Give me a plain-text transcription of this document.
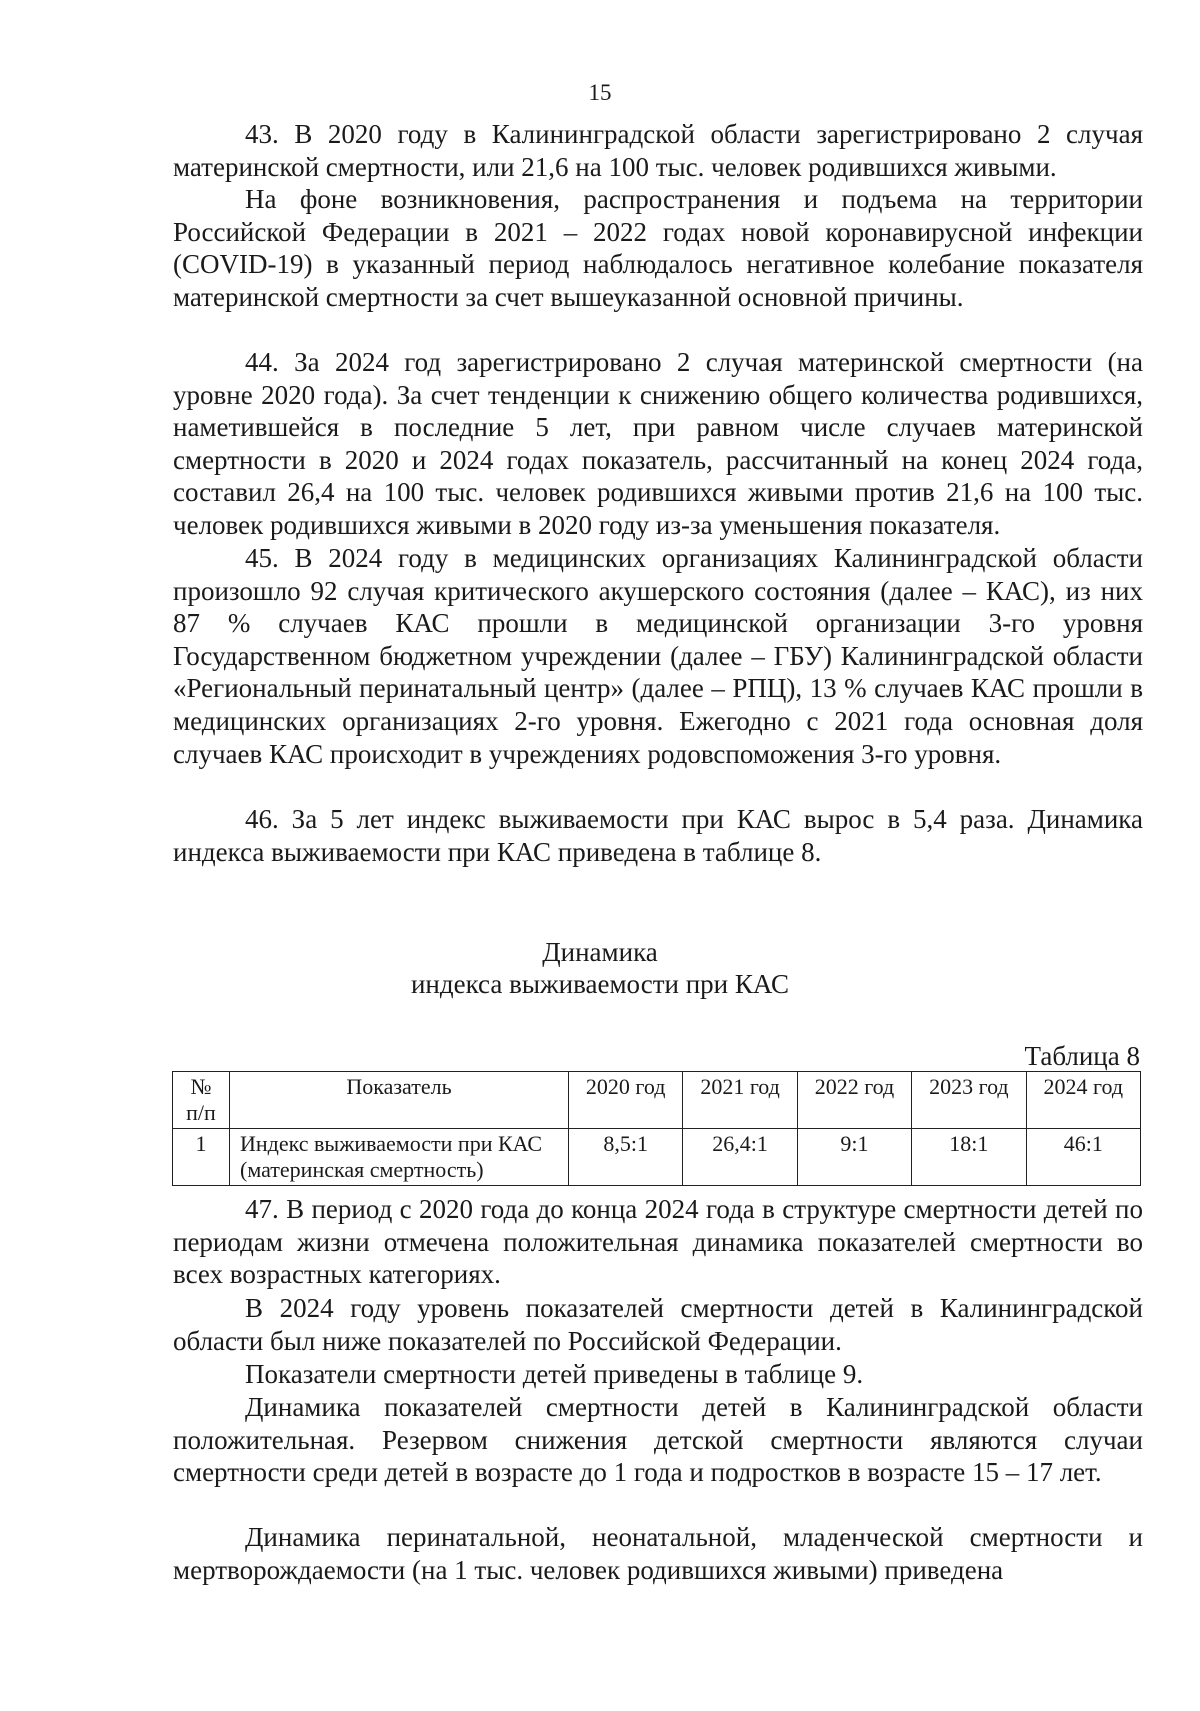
15

43. В 2020 году в Калининградской области зарегистрировано 2 случая материнской смертности, или 21,6 на 100 тыс. человек родившихся живыми.

На фоне возникновения, распространения и подъема на территории Российской Федерации в 2021 – 2022 годах новой коронавирусной инфекции (COVID-19) в указанный период наблюдалось негативное колебание показателя материнской смертности за счет вышеуказанной основной причины.

44. За 2024 год зарегистрировано 2 случая материнской смертности (на уровне 2020 года). За счет тенденции к снижению общего количества родившихся, наметившейся в последние 5 лет, при равном числе случаев материнской смертности в 2020 и 2024 годах показатель, рассчитанный на конец 2024 года, составил 26,4 на 100 тыс. человек родившихся живыми против 21,6 на 100 тыс. человек родившихся живыми в 2020 году из-за уменьшения показателя.

45. В 2024 году в медицинских организациях Калининградской области произошло 92 случая критического акушерского состояния (далее – КАС), из них 87 % случаев КАС прошли в медицинской организации 3-го уровня Государственном бюджетном учреждении (далее – ГБУ) Калининградской области «Региональный перинатальный центр» (далее – РПЦ), 13 % случаев КАС прошли в медицинских организациях 2-го уровня. Ежегодно с 2021 года основная доля случаев КАС происходит в учреждениях родовспоможения 3-го уровня.

46. За 5 лет индекс выживаемости при КАС вырос в 5,4 раза. Динамика индекса выживаемости при КАС приведена в таблице 8.

Динамика
индекса выживаемости при КАС
Таблица 8
№ п/п	Показатель	2020 год	2021 год	2022 год	2023 год	2024 год
1	Индекс выживаемости при КАС (материнская смертность)	8,5:1	26,4:1	9:1	18:1	46:1

47. В период с 2020 года до конца 2024 года в структуре смертности детей по периодам жизни отмечена положительная динамика показателей смертности во всех возрастных категориях.

В 2024 году уровень показателей смертности детей в Калининградской области был ниже показателей по Российской Федерации.

Показатели смертности детей приведены в таблице 9.

Динамика показателей смертности детей в Калининградской области положительная. Резервом снижения детской смертности являются случаи смертности среди детей в возрасте до 1 года и подростков в возрасте 15 – 17 лет.

Динамика перинатальной, неонатальной, младенческой смертности и мертворождаемости (на 1 тыс. человек родившихся живыми) приведена
